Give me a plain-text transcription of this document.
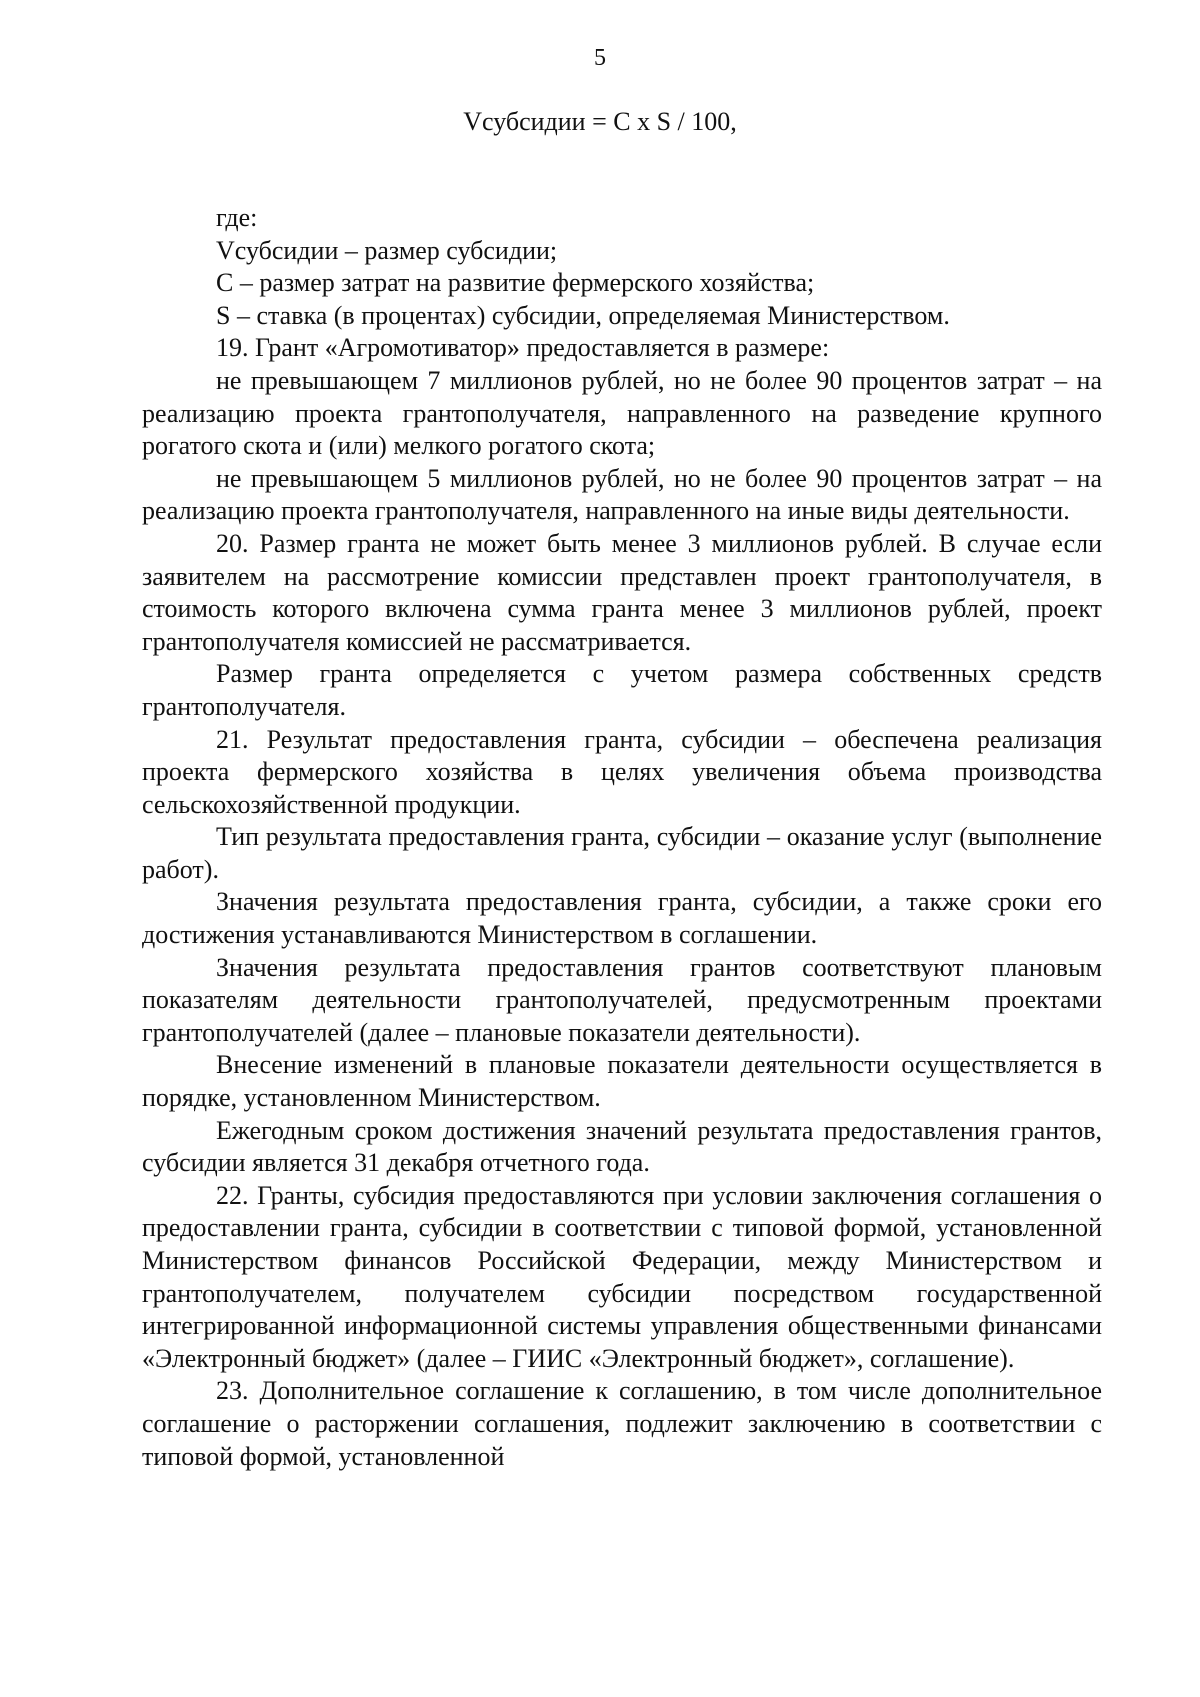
5
Vсубсидии = С x S / 100,

где:

Vсубсидии – размер субсидии;

С – размер затрат на развитие фермерского хозяйства;

S – ставка (в процентах) субсидии, определяемая Министерством.

19. Грант «Агромотиватор» предоставляется в размере:

не превышающем 7 миллионов рублей, но не более 90 процентов затрат – на реализацию проекта грантополучателя, направленного на разведение крупного рогатого скота и (или) мелкого рогатого скота;

не превышающем 5 миллионов рублей, но не более 90 процентов затрат – на реализацию проекта грантополучателя, направленного на иные виды деятельности.

20. Размер гранта не может быть менее 3 миллионов рублей. В случае если заявителем на рассмотрение комиссии представлен проект грантополучателя, в стоимость которого включена сумма гранта менее 3 миллионов рублей, проект грантополучателя комиссией не рассматривается.

Размер гранта определяется с учетом размера собственных средств грантополучателя.

21. Результат предоставления гранта, субсидии – обеспечена реализация проекта фермерского хозяйства в целях увеличения объема производства сельскохозяйственной продукции.

Тип результата предоставления гранта, субсидии – оказание услуг (выполнение работ).

Значения результата предоставления гранта, субсидии, а также сроки его достижения устанавливаются Министерством в соглашении.

Значения результата предоставления грантов соответствуют плановым показателям деятельности грантополучателей, предусмотренным проектами грантополучателей (далее – плановые показатели деятельности).

Внесение изменений в плановые показатели деятельности осуществляется в порядке, установленном Министерством.

Ежегодным сроком достижения значений результата предоставления грантов, субсидии является 31 декабря отчетного года.

22. Гранты, субсидия предоставляются при условии заключения соглашения о предоставлении гранта, субсидии в соответствии с типовой формой, установленной Министерством финансов Российской Федерации, между Министерством и грантополучателем, получателем субсидии посредством государственной интегрированной информационной системы управления общественными финансами «Электронный бюджет» (далее – ГИИС «Электронный бюджет», соглашение).

23. Дополнительное соглашение к соглашению, в том числе дополнительное соглашение о расторжении соглашения, подлежит заключению в соответствии с типовой формой, установленной
